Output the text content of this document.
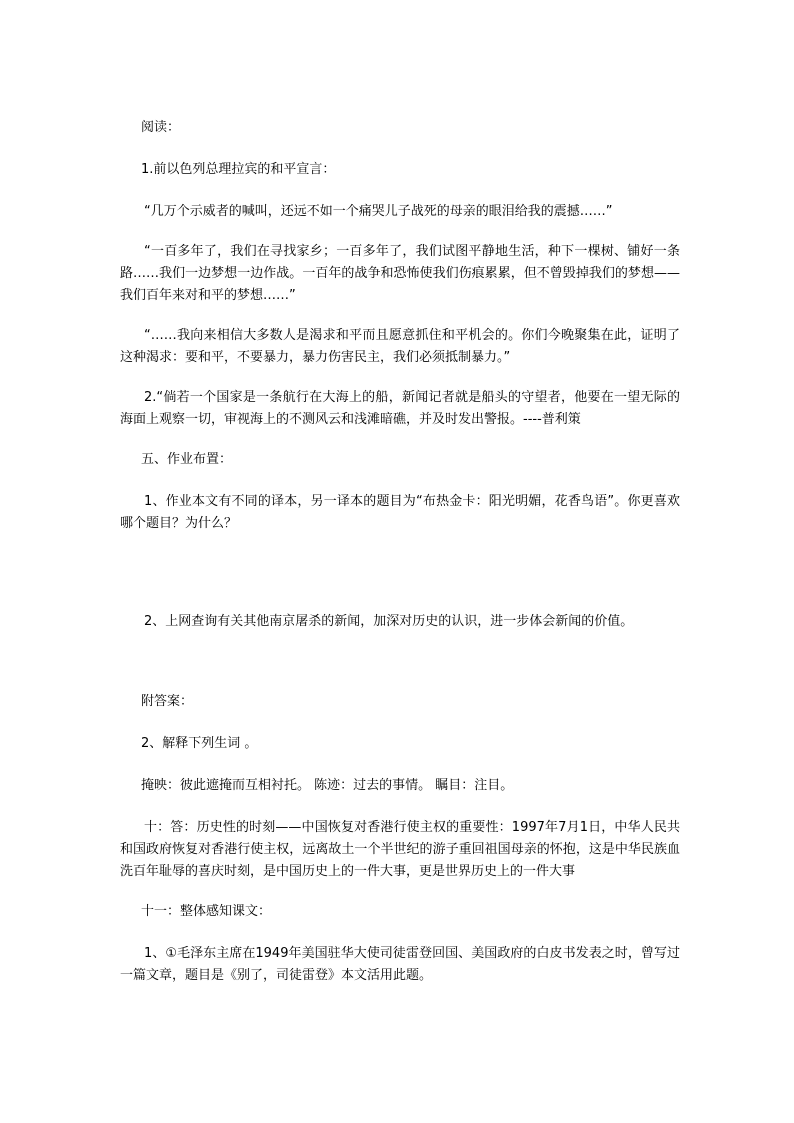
阅读：

1.前以色列总理拉宾的和平宣言：

“几万个示威者的喊叫，还远不如一个痛哭儿子战死的母亲的眼泪给我的震撼……”

“一百多年了，我们在寻找家乡；一百多年了，我们试图平静地生活，种下一棵树、铺好一条路……我们一边梦想一边作战。一百年的战争和恐怖使我们伤痕累累，但不曾毁掉我们的梦想——我们百年来对和平的梦想……”

“……我向来相信大多数人是渴求和平而且愿意抓住和平机会的。你们今晚聚集在此，证明了这种渴求：要和平，不要暴力，暴力伤害民主，我们必须抵制暴力。”

2.“倘若一个国家是一条航行在大海上的船，新闻记者就是船头的守望者，他要在一望无际的海面上观察一切，审视海上的不测风云和浅滩暗礁，并及时发出警报。----普利策

五、作业布置：

1、作业本文有不同的译本，另一译本的题目为“布热金卡：阳光明媚，花香鸟语”。你更喜欢哪个题目？为什么？

2、上网查询有关其他南京屠杀的新闻，加深对历史的认识，进一步体会新闻的价值。

附答案：

2、解释下列生词 。

掩映：彼此遮掩而互相衬托。 陈迹：过去的事情。 瞩目：注目。

十：答：历史性的时刻——中国恢复对香港行使主权的重要性：1997年7月1日，中华人民共和国政府恢复对香港行使主权，远离故土一个半世纪的游子重回祖国母亲的怀抱，这是中华民族血洗百年耻辱的喜庆时刻，是中国历史上的一件大事，更是世界历史上的一件大事

十一：整体感知课文：

1、①毛泽东主席在1949年美国驻华大使司徒雷登回国、美国政府的白皮书发表之时，曾写过一篇文章，题目是《别了，司徒雷登》本文活用此题。
